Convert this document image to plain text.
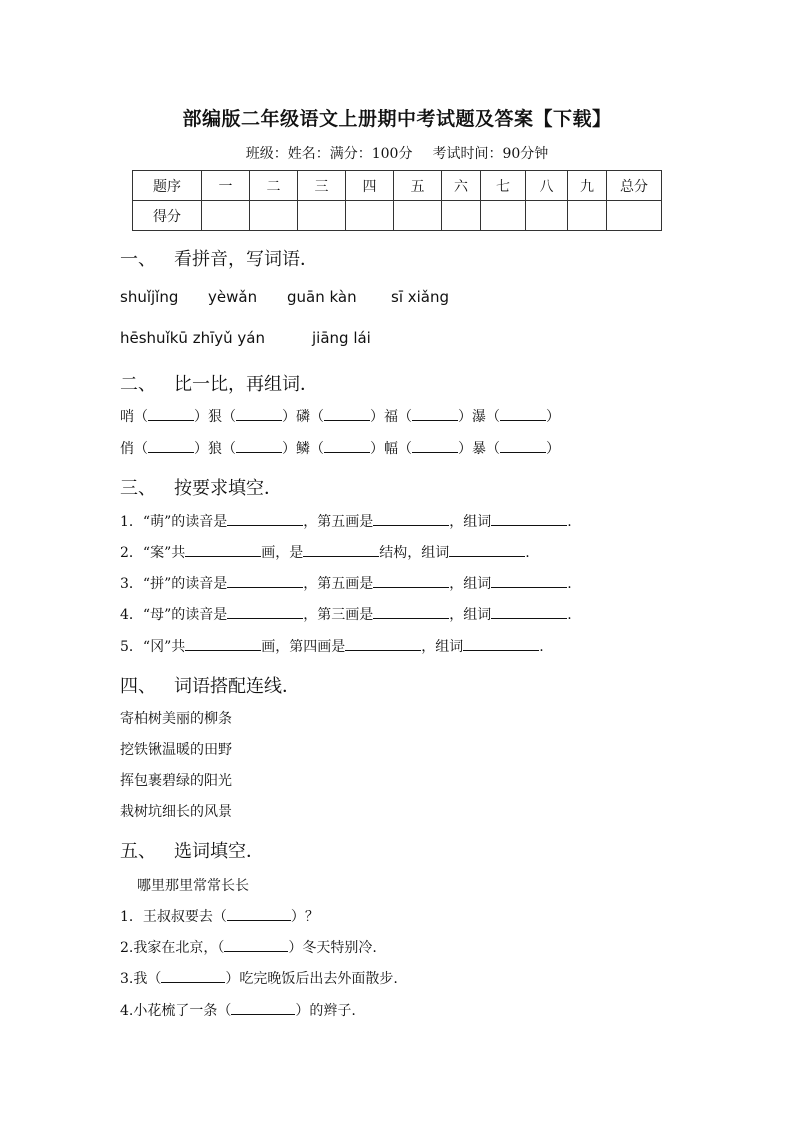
部编版二年级语文上册期中考试题及答案【下载】
班级：姓名：满分：100分 考试时间：90分钟
题序	一	二	三	四	五	六	七	八	九	总分
得分										
一、 看拼音，写词语．
shuǐjǐng yèwǎn guān kàn sī xiǎng
hēshuǐkū zhīyǔ yán	jiāng lái
二、 比一比，再组词．
哨（	）狠（	）磷（	）福（	）瀑（	）
俏（	）狼（	）鳞（	）幅（	）暴（	）
三、 按要求填空．
1．“萌”的读音是	，第五画是	，组词	.
2．“案”共	画，是	结构，组词	.
3．“拼”的读音是	，第五画是	，组词	.
4．“母”的读音是	，第三画是	，组词	.
5．“冈”共	画，第四画是	，组词	.
四、 词语搭配连线．
寄柏树美丽的柳条
挖铁锹温暖的田野
挥包裹碧绿的阳光
栽树坑细长的风景
五、 选词填空．
哪里那里常常长长
1．王叔叔要去（	）？
2.我家在北京，（	）冬天特别冷.
3.我（	）吃完晚饭后出去外面散步.
4.小花梳了一条（	）的辫子.
